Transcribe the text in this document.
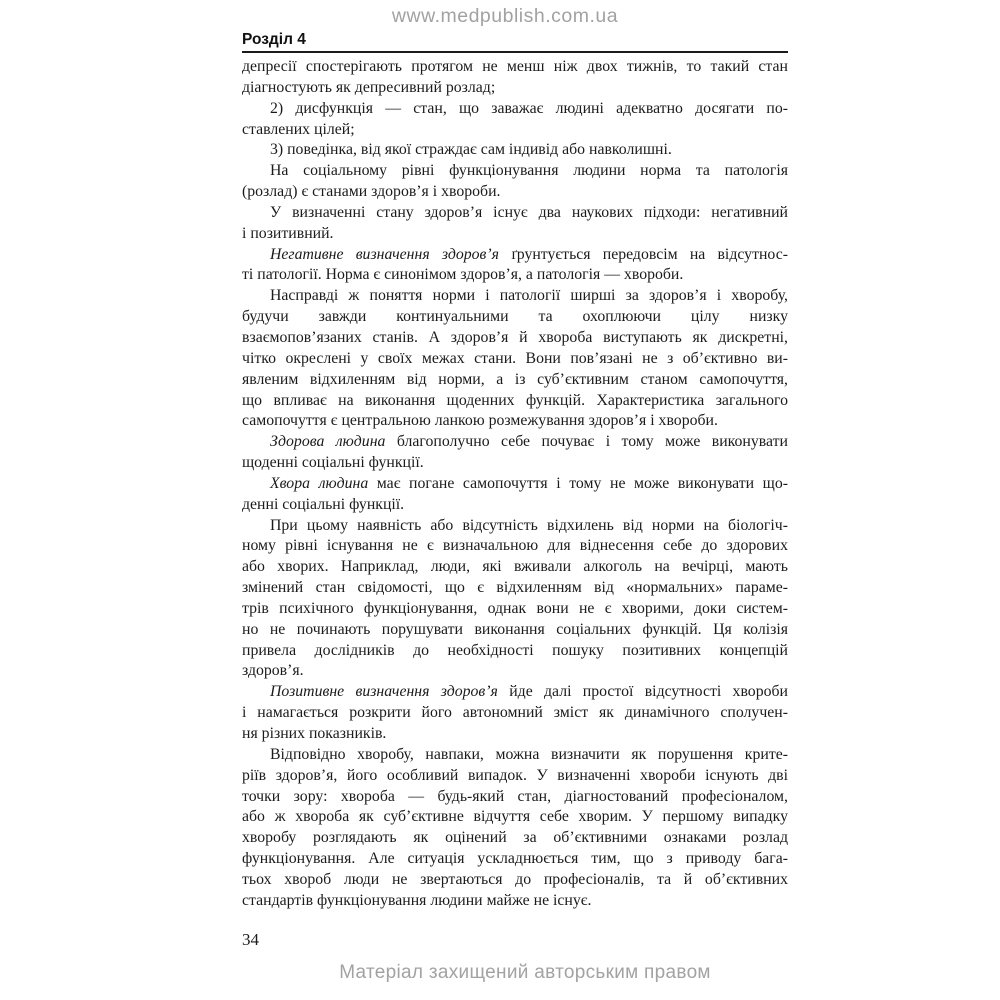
www.medpublish.com.ua
Розділ 4
депресії спостерігають протягом не менш ніж двох тижнів, то такий стан
діагностують як депресивний розлад;
2) дисфункція — стан, що заважає людині адекватно досягати по-
ставлених цілей;
3) поведінка, від якої страждає сам індивід або навколишні.
На соціальному рівні функціонування людини норма та патологія
(розлад) є станами здоров’я і хвороби.
У визначенні стану здоров’я існує два наукових підходи: негативний
і позитивний.
Негативне визначення здоров’я ґрунтується передовсім на відсутнос-
ті патології. Норма є синонімом здоров’я, а патологія — хвороби.
Насправді ж поняття норми і патології ширші за здоров’я і хворобу,
будучи завжди континуальними та охоплюючи цілу низку
взаємопов’язаних станів. А здоров’я й хвороба виступають як дискретні,
чітко окреслені у своїх межах стани. Вони пов’язані не з об’єктивно ви-
явленим відхиленням від норми, а із суб’єктивним станом самопочуття,
що впливає на виконання щоденних функцій. Характеристика загального
самопочуття є центральною ланкою розмежування здоров’я і хвороби.
Здорова людина благополучно себе почуває і тому може виконувати
щоденні соціальні функції.
Хвора людина має погане самопочуття і тому не може виконувати що-
денні соціальні функції.
При цьому наявність або відсутність відхилень від норми на біологіч-
ному рівні існування не є визначальною для віднесення себе до здорових
або хворих. Наприклад, люди, які вживали алкоголь на вечірці, мають
змінений стан свідомості, що є відхиленням від «нормальних» параме-
трів психічного функціонування, однак вони не є хворими, доки систем-
но не починають порушувати виконання соціальних функцій. Ця колізія
привела дослідників до необхідності пошуку позитивних концепцій
здоров’я.
Позитивне визначення здоров’я йде далі простої відсутності хвороби
і намагається розкрити його автономний зміст як динамічного сполучен-
ня різних показників.
Відповідно хворобу, навпаки, можна визначити як порушення крите-
ріїв здоров’я, його особливий випадок. У визначенні хвороби існують дві
точки зору: хвороба — будь-який стан, діагностований професіоналом,
або ж хвороба як суб’єктивне відчуття себе хворим. У першому випадку
хворобу розглядають як оцінений за об’єктивними ознаками розлад
функціонування. Але ситуація ускладнюється тим, що з приводу бага-
тьох хвороб люди не звертаються до професіоналів, та й об’єктивних
стандартів функціонування людини майже не існує.
34
Матеріал захищений авторським правом
